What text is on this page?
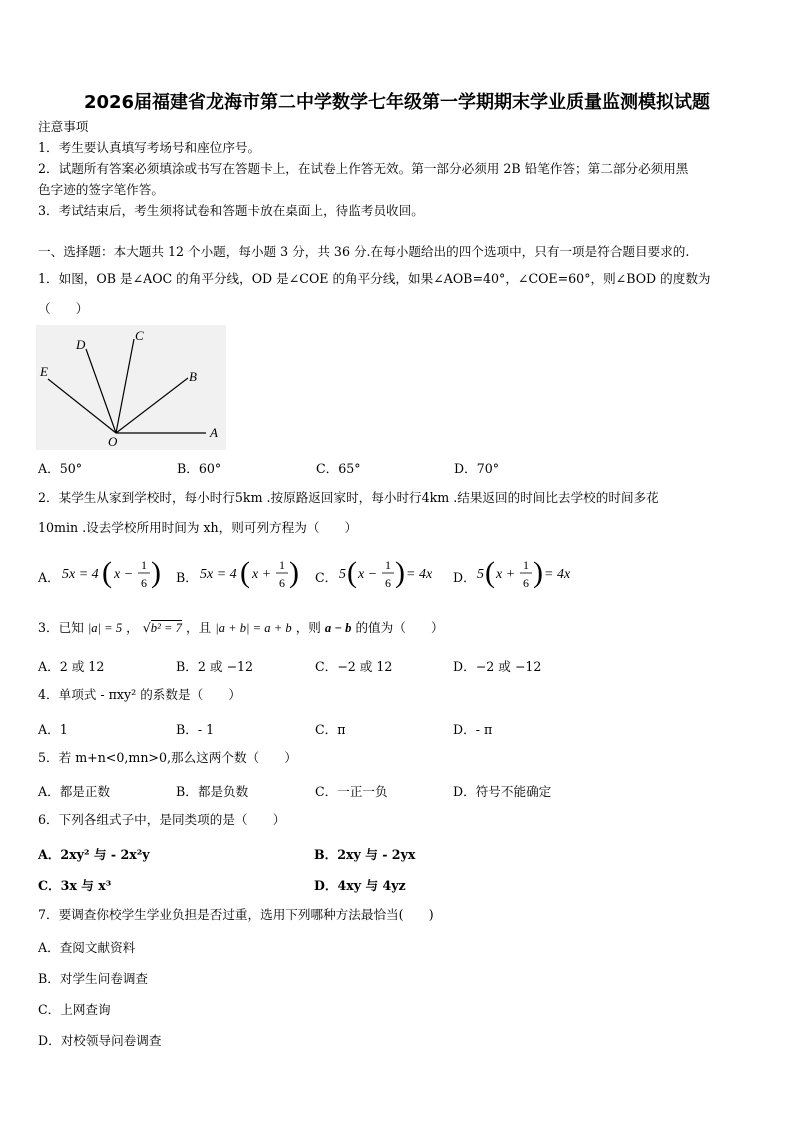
2026届福建省龙海市第二中学数学七年级第一学期期末学业质量监测模拟试题
注意事项
1．考生要认真填写考场号和座位序号。
2．试题所有答案必须填涂或书写在答题卡上，在试卷上作答无效。第一部分必须用 2B 铅笔作答；第二部分必须用黑
色字迹的签字笔作答。
3．考试结束后，考生须将试卷和答题卡放在桌面上，待监考员收回。
一、选择题：本大题共 12 个小题，每小题 3 分，共 36 分.在每小题给出的四个选项中，只有一项是符合题目要求的.
1．如图，OB 是∠AOC 的角平分线，OD 是∠COE 的角平分线，如果∠AOB=40°，∠COE=60°，则∠BOD 的度数为
（　　）
E
D
C
B
O
A
A．50°	B．60°	C．65°	D．70°
2．某学生从家到学校时，每小时行5km .按原路返回家时，每小时行4km .结果返回的时间比去学校的时间多花
10min .设去学校所用时间为 xh，则可列方程为（　　）
A． 5x = 4 ( x −
1
6 ) B． 5x = 4 ( x +
1
6 ) C． 5 ( x −
1
6 ) = 4x D． 5 ( x +
1
6 ) = 4x
3．已知 |a| = 5 ， √b² = 7 ，且 |a + b| = a + b ，则 a − b 的值为（　　）
A．2 或 12	B．2 或 −12	C．−2 或 12	D．−2 或 −12
4．单项式 - πxy² 的系数是（　　）
A．1	B．- 1	C．π	D．- π
5．若 m+n<0,mn>0,那么这两个数（　　）
A．都是正数	B．都是负数	C．一正一负	D．符号不能确定
6．下列各组式子中，是同类项的是（　　）
A．2xy² 与 - 2x²y	B．2xy 与 - 2yx
C．3x 与 x³	D．4xy 与 4yz
7．要调查你校学生学业负担是否过重，选用下列哪种方法最恰当(　　)
A．查阅文献资料
B．对学生问卷调查
C．上网查询
D．对校领导问卷调查
